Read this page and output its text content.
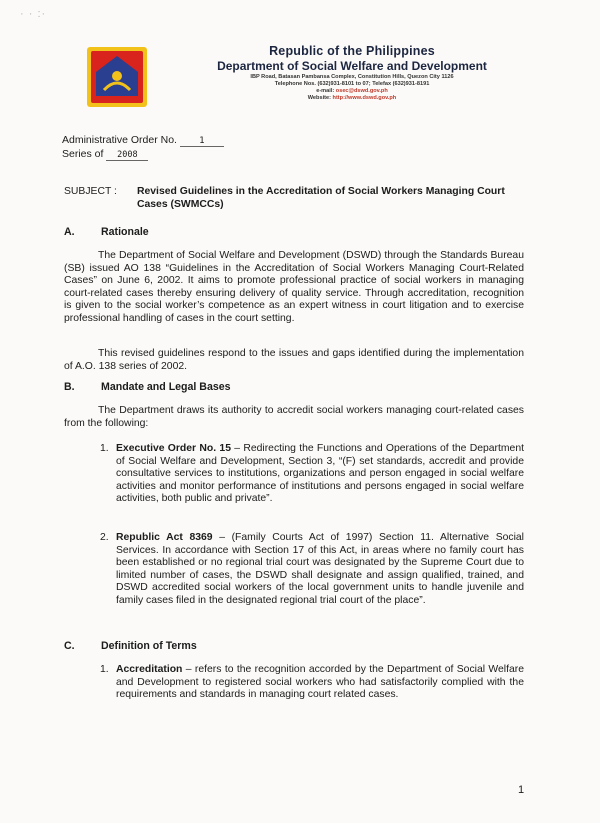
· · :·
Republic of the Philippines
Department of Social Welfare and Development
IBP Road, Batasan Pambansa Complex, Constitution Hills, Quezon City 1126
Telephone Nos. (632)931-8101 to 07; Telefax (632)931-8191
e-mail: osec@dswd.gov.ph
Website: http://www.dswd.gov.ph
Administrative Order No. 1
Series of 2008
SUBJECT : Revised Guidelines in the Accreditation of Social Workers Managing Court Cases (SWMCCs)
A. Rationale
The Department of Social Welfare and Development (DSWD) through the Standards Bureau (SB) issued AO 138 “Guidelines in the Accreditation of Social Workers Managing Court-Related Cases” on June 6, 2002. It aims to promote professional practice of social workers in managing court-related cases thereby ensuring delivery of quality service. Through accreditation, recognition is given to the social worker’s competence as an expert witness in court litigation and to exercise professional handling of cases in the court setting.
This revised guidelines respond to the issues and gaps identified during the implementation of A.O. 138 series of 2002.
B. Mandate and Legal Bases
The Department draws its authority to accredit social workers managing court-related cases from the following:
1. Executive Order No. 15 – Redirecting the Functions and Operations of the Department of Social Welfare and Development, Section 3, “(F) set standards, accredit and provide consultative services to institutions, organizations and person engaged in social welfare activities and monitor performance of institutions and persons engaged in social welfare activities, both public and private”.
2. Republic Act 8369 – (Family Courts Act of 1997) Section 11. Alternative Social Services. In accordance with Section 17 of this Act, in areas where no family court has been established or no regional trial court was designated by the Supreme Court due to limited number of cases, the DSWD shall designate and assign qualified, trained, and DSWD accredited social workers of the local government units to handle juvenile and family cases filed in the designated regional trial court of the place”.
C. Definition of Terms
1. Accreditation – refers to the recognition accorded by the Department of Social Welfare and Development to registered social workers who had satisfactorily complied with the requirements and standards in managing court related cases.
1
